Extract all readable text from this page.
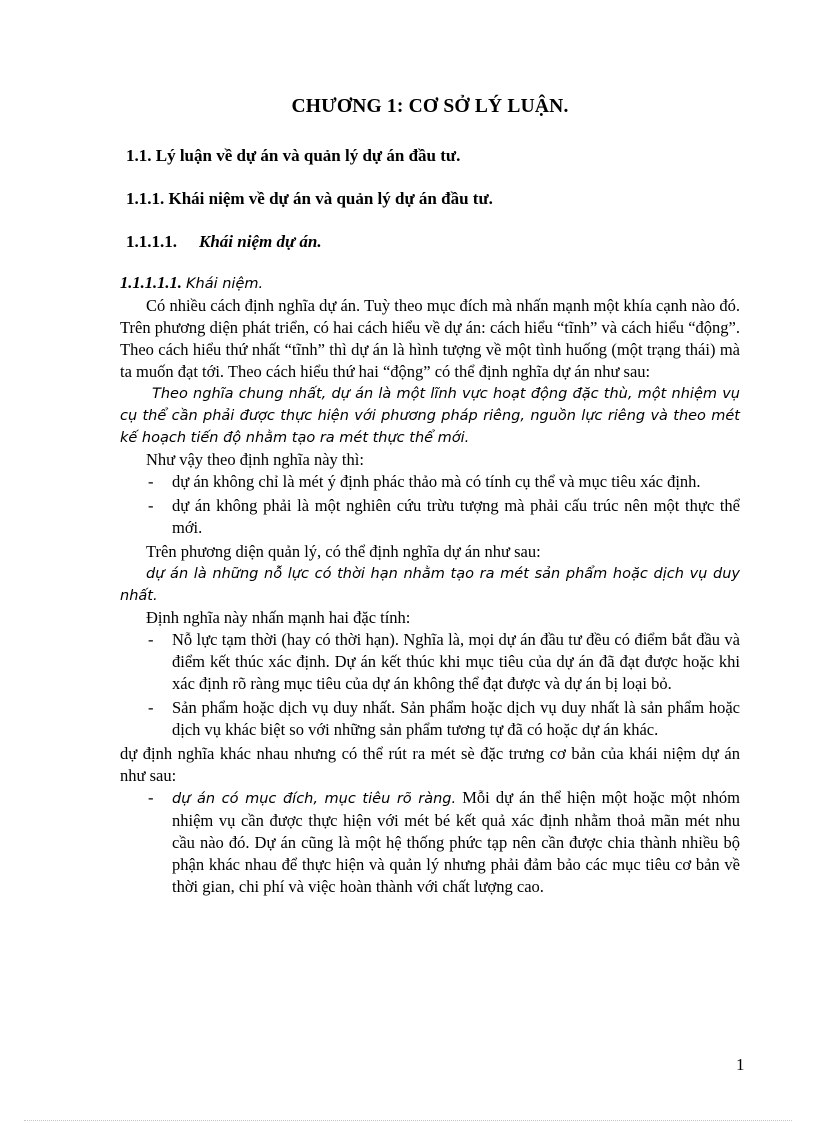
CHƯƠNG 1: CƠ SỞ LÝ LUẬN.
1.1. Lý luận về dự án và quản lý dự án đầu tư.
1.1.1. Khái niệm về dự án và quản lý dự án đầu tư.
1.1.1.1. Khái niệm dự án.

1.1.1.1.1. Khái niệm.

Có nhiều cách định nghĩa dự án. Tuỳ theo mục đích mà nhấn mạnh một khía cạnh nào đó. Trên phương diện phát triển, có hai cách hiểu về dự án: cách hiểu “tĩnh” và cách hiểu “động”. Theo cách hiểu thứ nhất “tĩnh” thì dự án là hình tượng về một tình huống (một trạng thái) mà ta muốn đạt tới. Theo cách hiểu thứ hai “động” có thể định nghĩa dự án như sau:

Theo nghĩa chung nhất, dự án là một lĩnh vực hoạt động đặc thù, một nhiệm vụ cụ thể cần phải được thực hiện với phương pháp riêng, nguồn lực riêng và theo mét kế hoạch tiến độ nhằm tạo ra mét thực thể mới.

Như vậy theo định nghĩa này thì:

- dự án không chỉ là mét ý định phác thảo mà có tính cụ thể và mục tiêu xác định.
- dự án không phải là một nghiên cứu trừu tượng mà phải cấu trúc nên một thực thể mới.

Trên phương diện quản lý, có thể định nghĩa dự án như sau:

dự án là những nỗ lực có thời hạn nhằm tạo ra mét sản phẩm hoặc dịch vụ duy nhất.

Định nghĩa này nhấn mạnh hai đặc tính:

- Nỗ lực tạm thời (hay có thời hạn). Nghĩa là, mọi dự án đầu tư đều có điểm bắt đầu và điểm kết thúc xác định. Dự án kết thúc khi mục tiêu của dự án đã đạt được hoặc khi xác định rõ ràng mục tiêu của dự án không thể đạt được và dự án bị loại bỏ.
- Sản phẩm hoặc dịch vụ duy nhất. Sản phẩm hoặc dịch vụ duy nhất là sản phẩm hoặc dịch vụ khác biệt so với những sản phẩm tương tự đã có hoặc dự án khác.

dự định nghĩa khác nhau nhưng có thể rút ra mét sè đặc trưng cơ bản của khái niệm dự án như sau:

- dự án có mục đích, mục tiêu rõ ràng. Mỗi dự án thể hiện một hoặc một nhóm nhiệm vụ cần được thực hiện với mét bé kết quả xác định nhằm thoả mãn mét nhu cầu nào đó. Dự án cũng là một hệ thống phức tạp nên cần được chia thành nhiều bộ phận khác nhau để thực hiện và quản lý nhưng phải đảm bảo các mục tiêu cơ bản về thời gian, chi phí và việc hoàn thành với chất lượng cao.
1
